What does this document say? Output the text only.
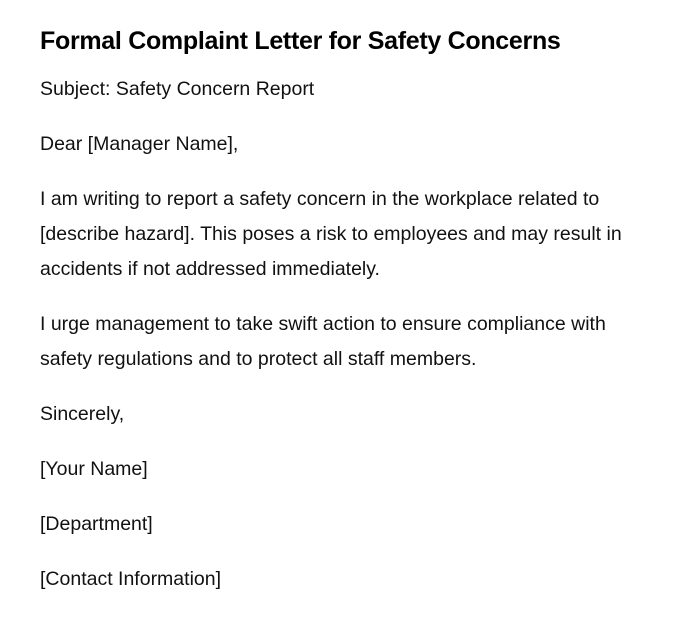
Formal Complaint Letter for Safety Concerns

Subject: Safety Concern Report

Dear [Manager Name],

I am writing to report a safety concern in the workplace related to [describe hazard]. This poses a risk to employees and may result in accidents if not addressed immediately.

I urge management to take swift action to ensure compliance with safety regulations and to protect all staff members.

Sincerely,

[Your Name]

[Department]

[Contact Information]
